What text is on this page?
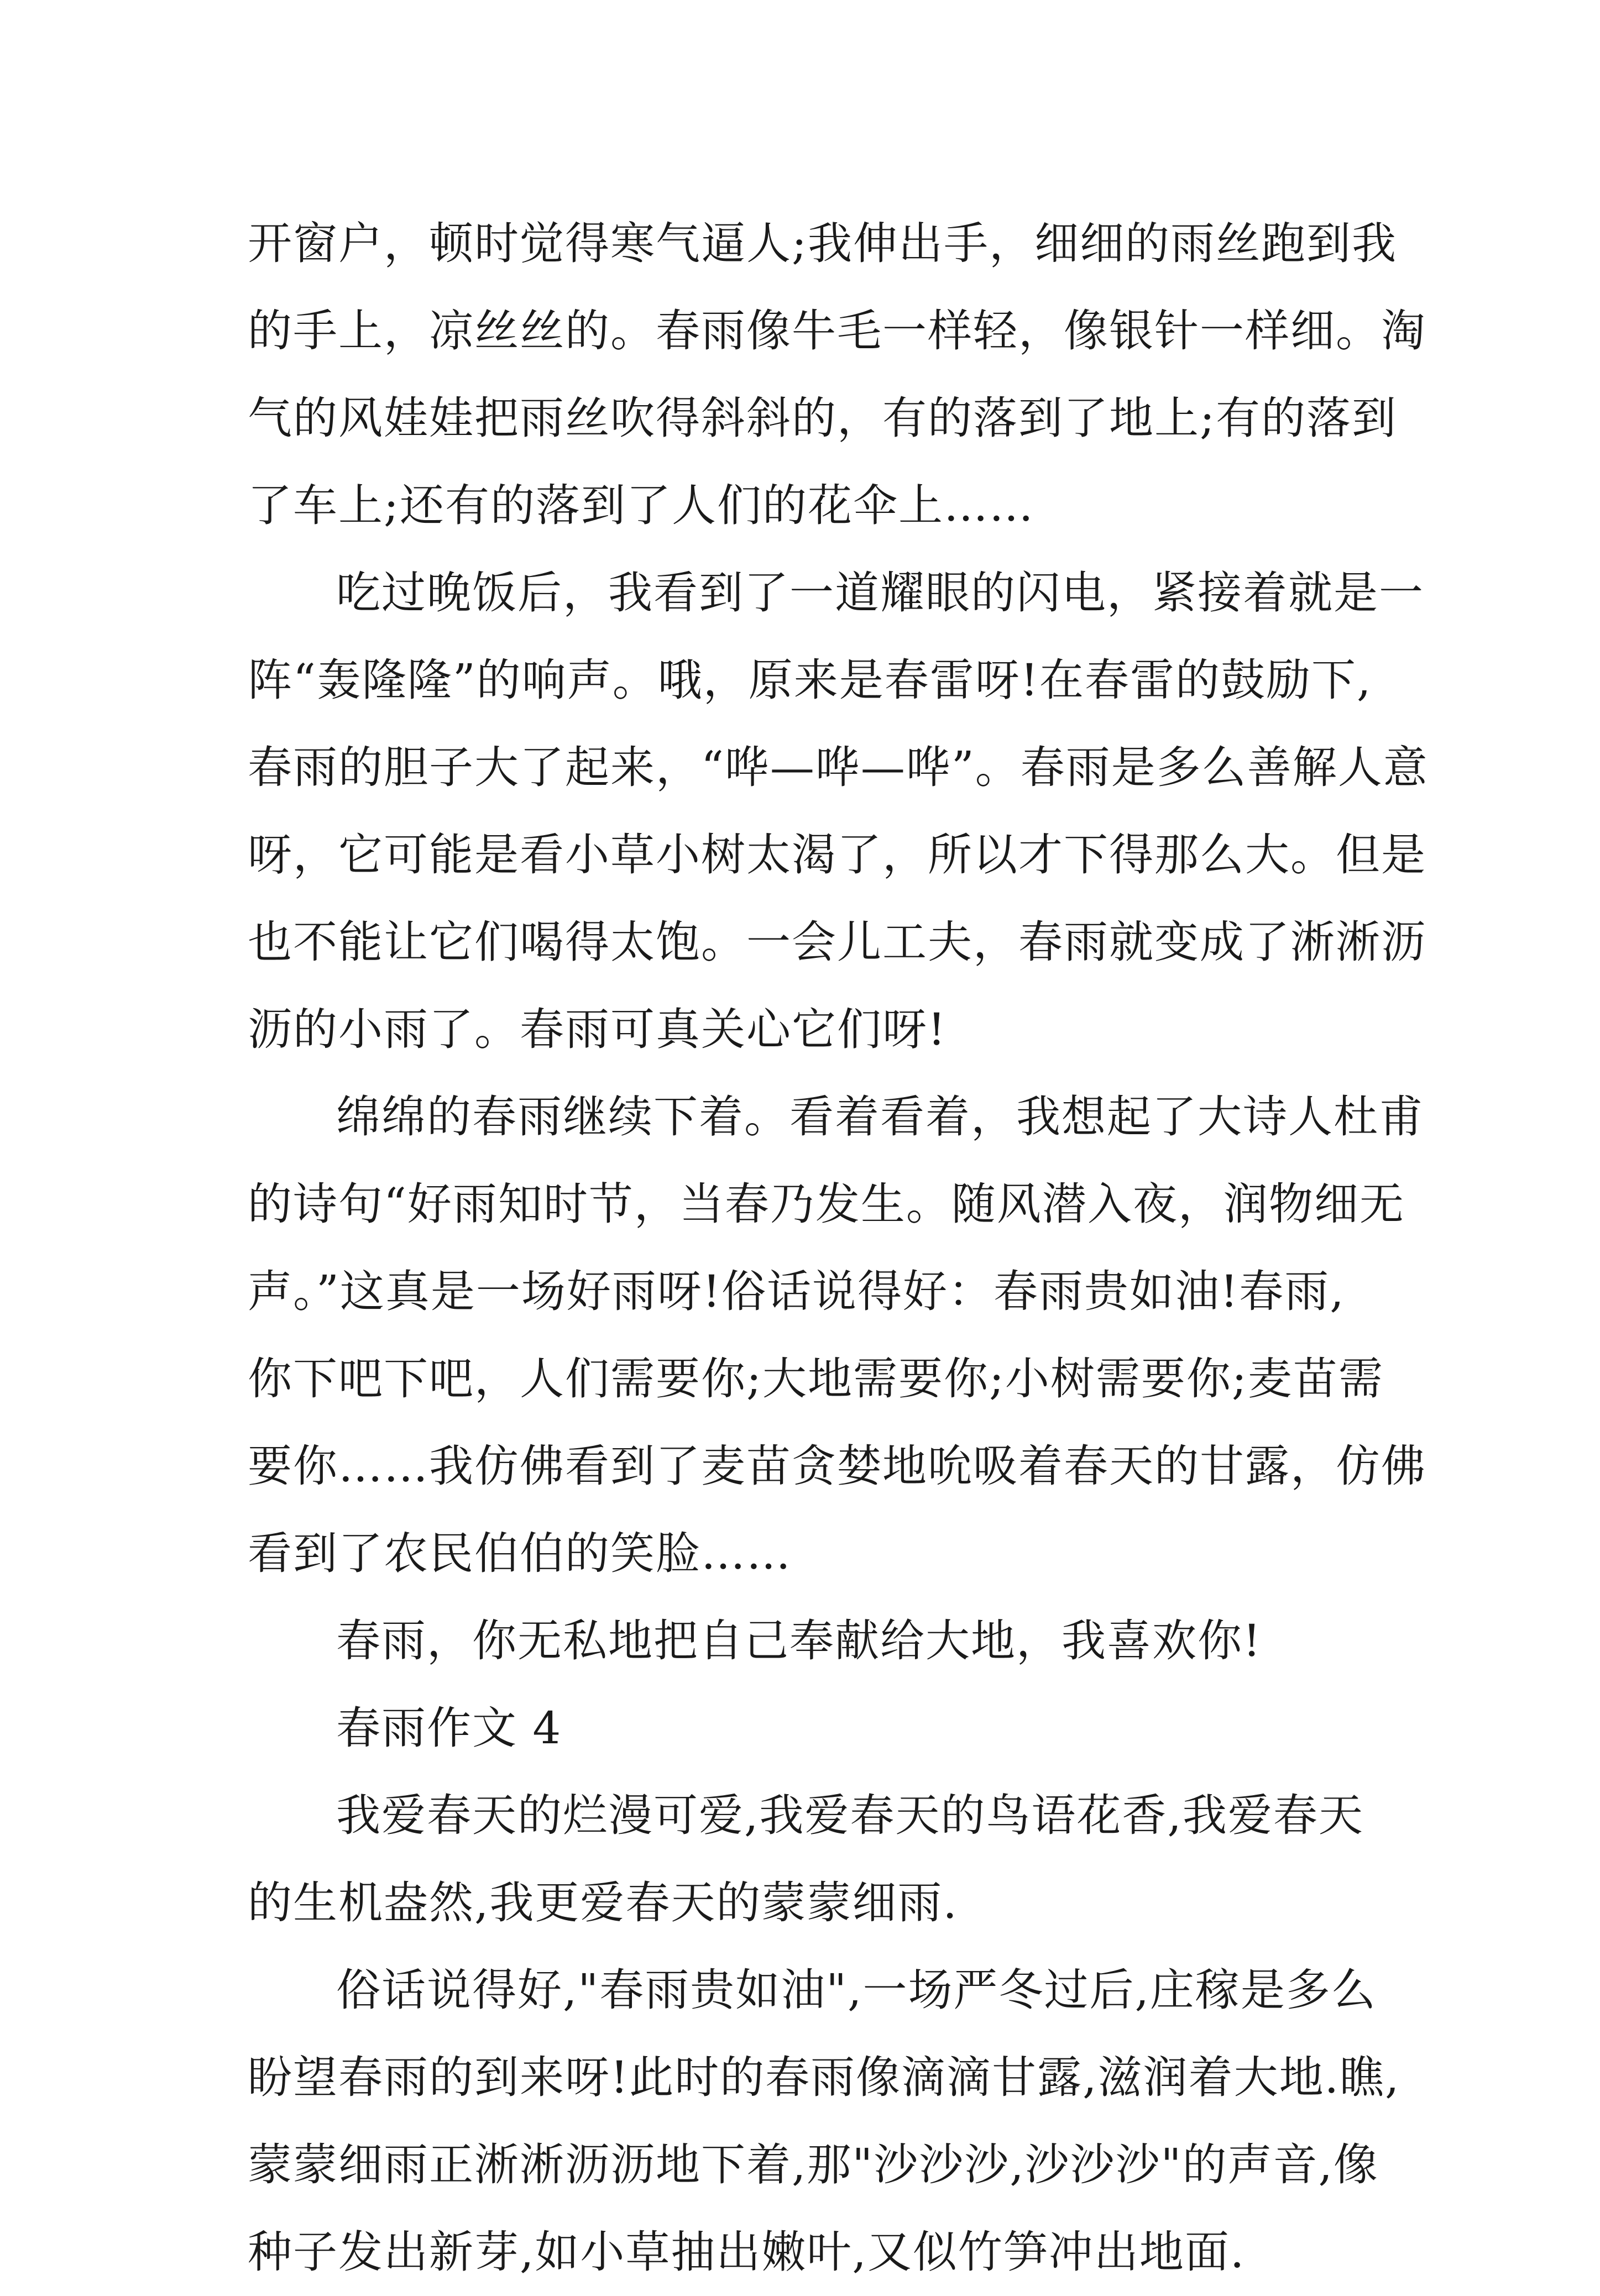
开窗户，顿时觉得寒气逼人;我伸出手，细细的雨丝跑到我
的手上，凉丝丝的。春雨像牛毛一样轻，像银针一样细。淘
气的风娃娃把雨丝吹得斜斜的，有的落到了地上;有的落到
了车上;还有的落到了人们的花伞上……

吃过晚饭后，我看到了一道耀眼的闪电，紧接着就是一
阵“轰隆隆”的响声。哦，原来是春雷呀!在春雷的鼓励下,
春雨的胆子大了起来，“哗—哗—哗”。春雨是多么善解人意
呀，它可能是看小草小树太渴了，所以才下得那么大。但是
也不能让它们喝得太饱。一会儿工夫，春雨就变成了淅淅沥
沥的小雨了。春雨可真关心它们呀!

绵绵的春雨继续下着。看着看着，我想起了大诗人杜甫
的诗句“好雨知时节，当春乃发生。随风潜入夜，润物细无
声。”这真是一场好雨呀!俗话说得好：春雨贵如油!春雨,
你下吧下吧，人们需要你;大地需要你;小树需要你;麦苗需
要你……我仿佛看到了麦苗贪婪地吮吸着春天的甘露，仿佛
看到了农民伯伯的笑脸……

春雨，你无私地把自己奉献给大地，我喜欢你!

春雨作文 4

我爱春天的烂漫可爱,我爱春天的鸟语花香,我爱春天
的生机盎然,我更爱春天的蒙蒙细雨.

俗话说得好,"春雨贵如油",一场严冬过后,庄稼是多么
盼望春雨的到来呀!此时的春雨像滴滴甘露,滋润着大地.瞧,
蒙蒙细雨正淅淅沥沥地下着,那"沙沙沙,沙沙沙"的声音,像
种子发出新芽,如小草抽出嫩叶,又似竹笋冲出地面.
